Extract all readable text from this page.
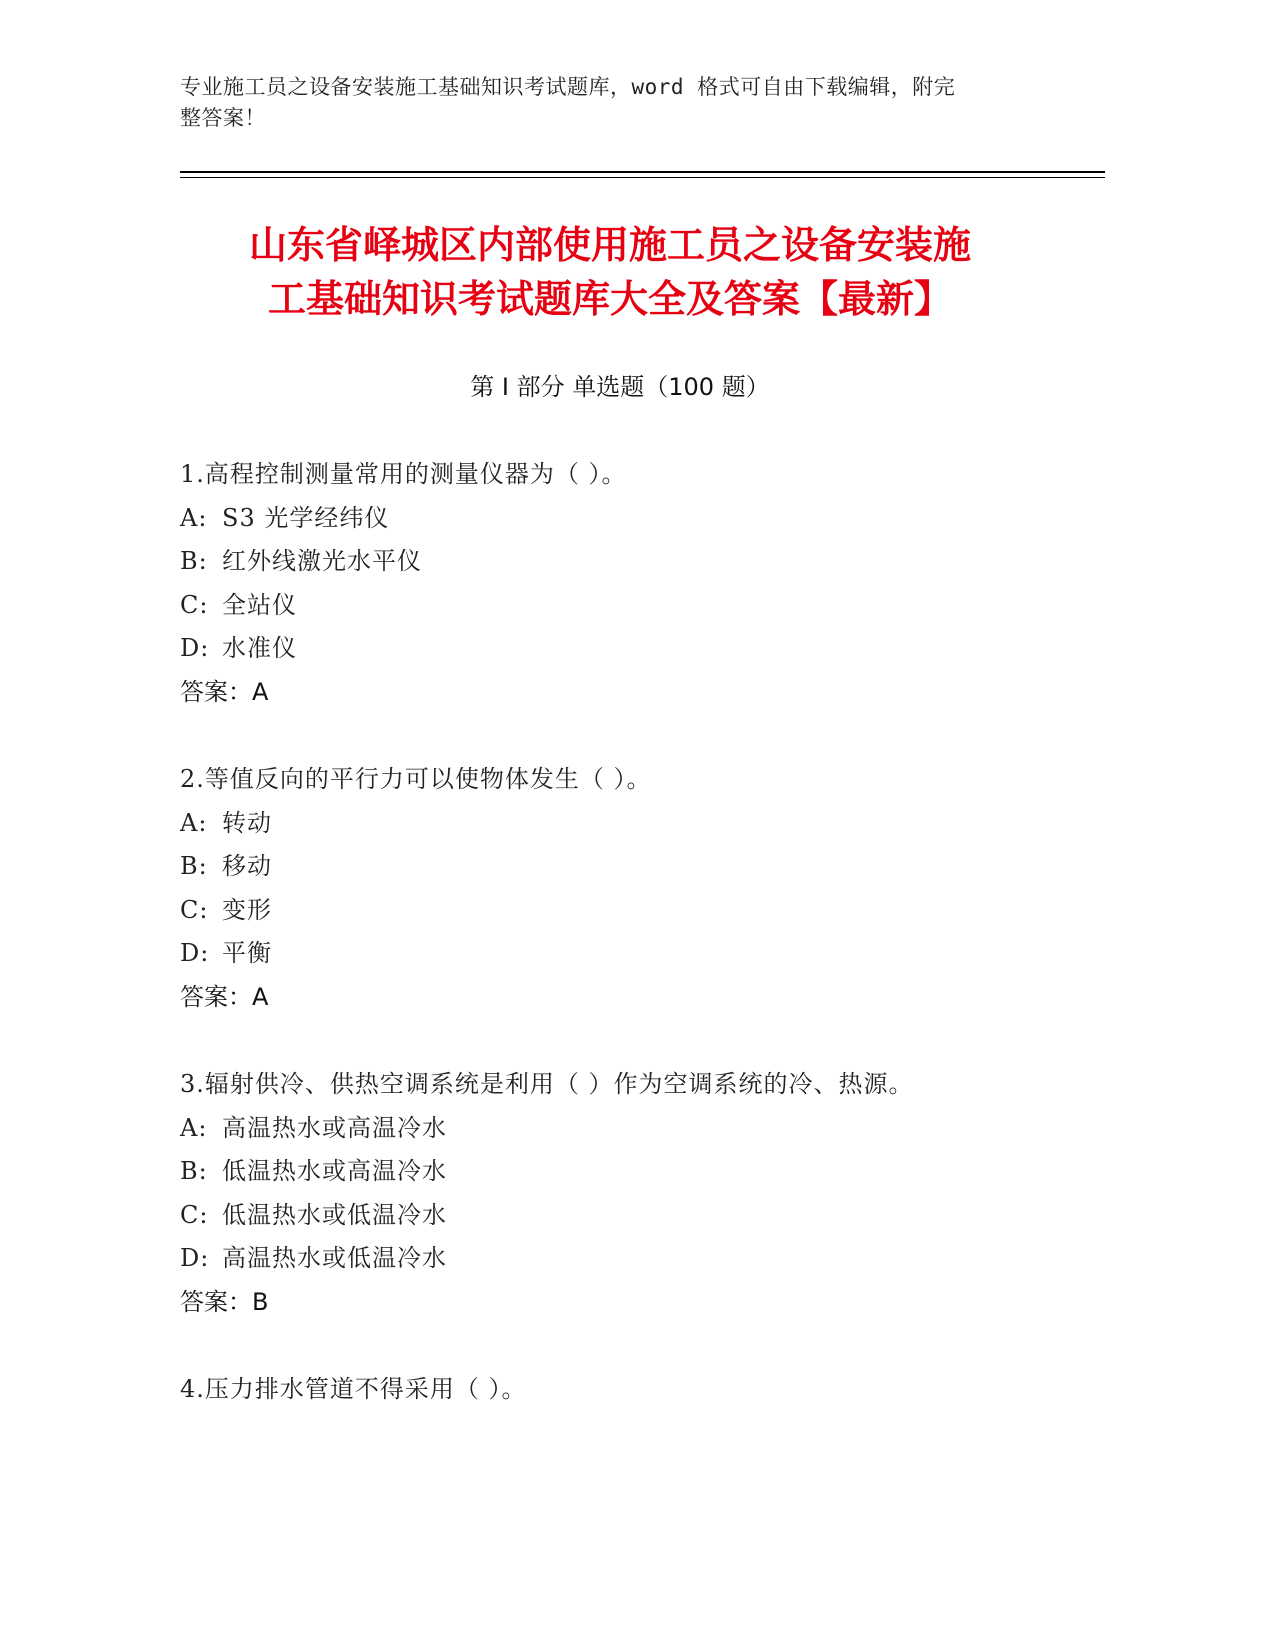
专业施工员之设备安装施工基础知识考试题库，word 格式可自由下载编辑，附完
整答案！
山东省峄城区内部使用施工员之设备安装施
工基础知识考试题库大全及答案【最新】
第 I 部分 单选题（100 题）
1.高程控制测量常用的测量仪器为（ ）。
A: S3 光学经纬仪
B: 红外线激光水平仪
C: 全站仪
D: 水准仪
答案：A
2.等值反向的平行力可以使物体发生（ ）。
A: 转动
B: 移动
C: 变形
D: 平衡
答案：A
3.辐射供冷、供热空调系统是利用（ ）作为空调系统的冷、热源。
A: 高温热水或高温冷水
B: 低温热水或高温冷水
C: 低温热水或低温冷水
D: 高温热水或低温冷水
答案：B
4.压力排水管道不得采用（ ）。
